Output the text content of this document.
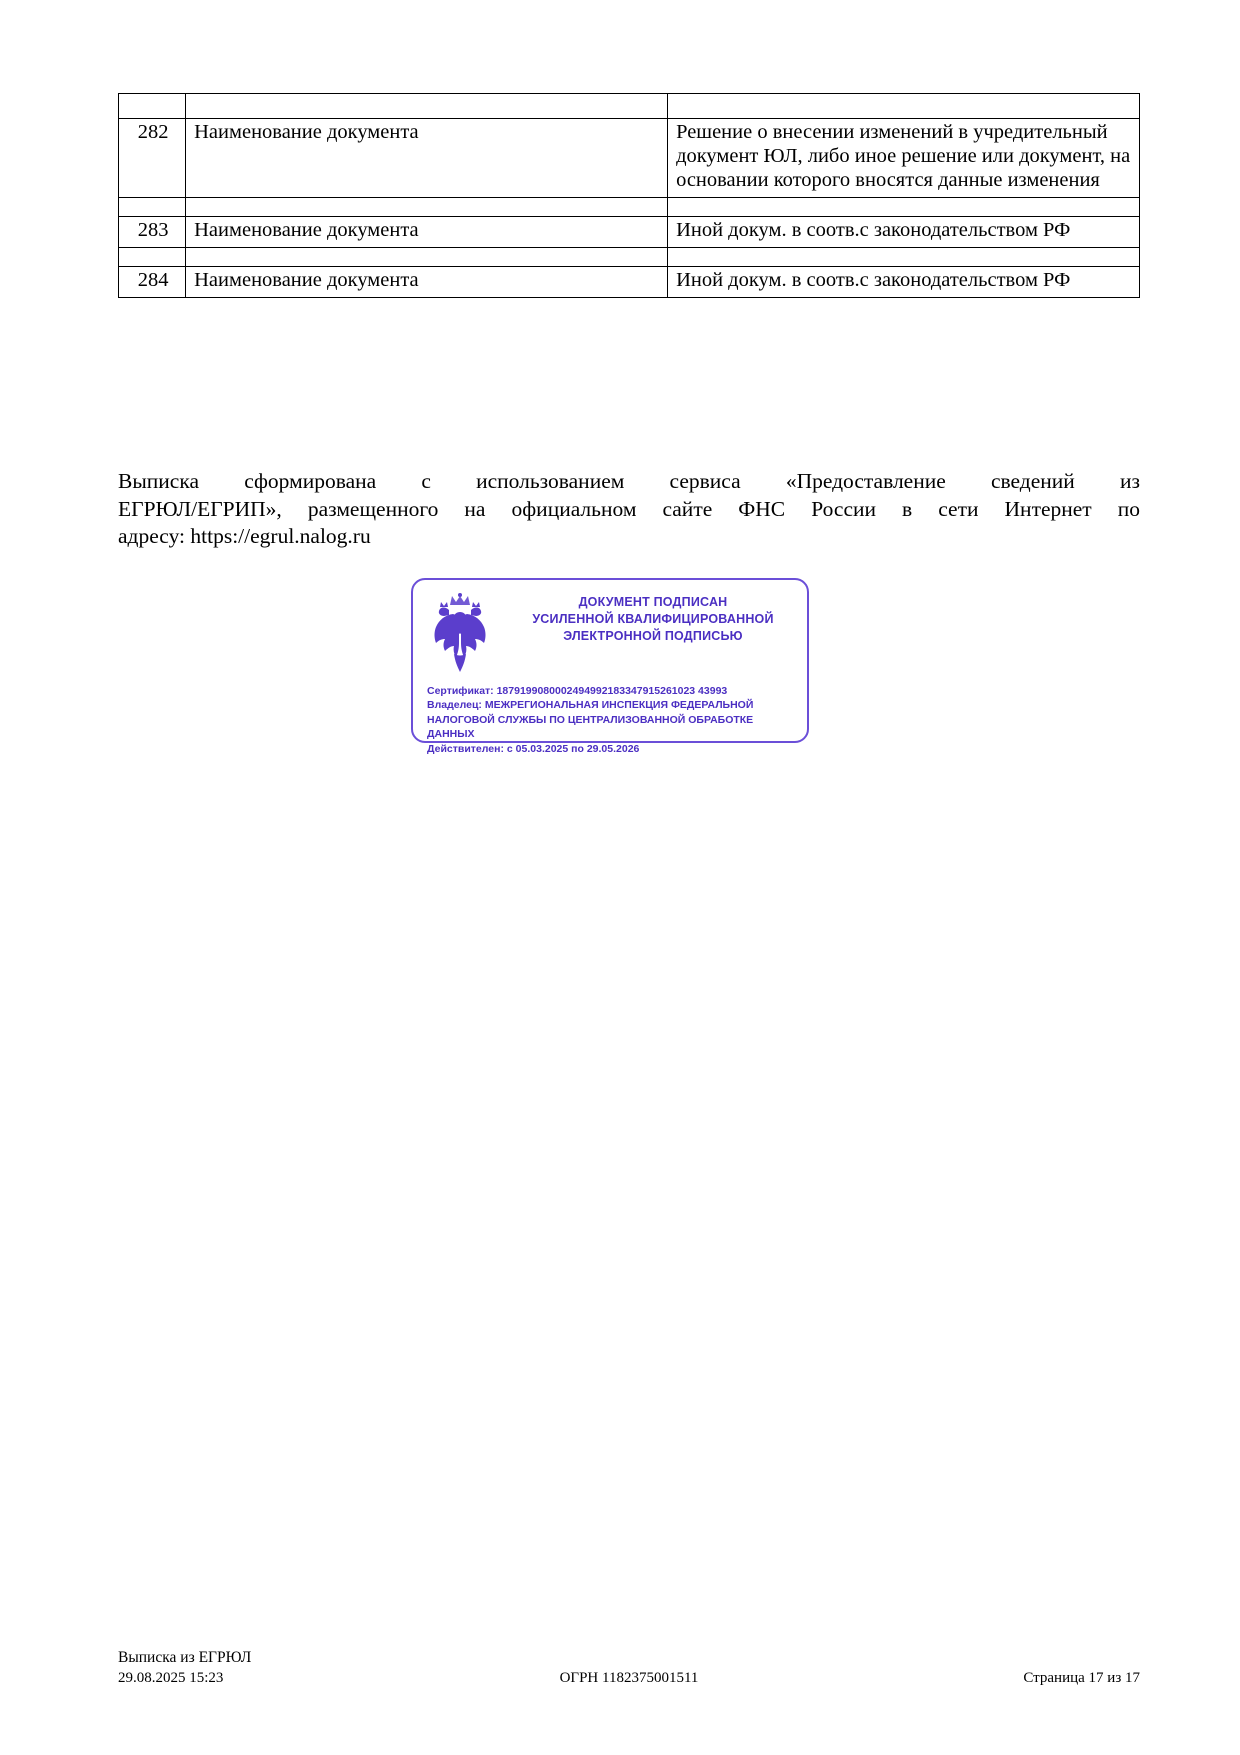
282	Наименование документа	Решение о внесении изменений в учредительный документ ЮЛ, либо иное решение или документ, на основании которого вносятся данные изменения

283	Наименование документа	Иной докум. в соотв.с законодательством РФ

284	Наименование документа	Иной докум. в соотв.с законодательством РФ
Выписка сформирована с использованием сервиса «Предоставление сведений из
ЕГРЮЛ/ЕГРИП», размещенного на официальном сайте ФНС России в сети Интернет по
адресу: https://egrul.nalog.ru
ДОКУМЕНТ ПОДПИСАН
УСИЛЕННОЙ КВАЛИФИЦИРОВАННОЙ
ЭЛЕКТРОННОЙ ПОДПИСЬЮ
Сертификат: 1879199080002494992183347915261023 43993
Владелец: МЕЖРЕГИОНАЛЬНАЯ ИНСПЕКЦИЯ ФЕДЕРАЛЬНОЙ НАЛОГОВОЙ СЛУЖБЫ ПО ЦЕНТРАЛИЗОВАННОЙ ОБРАБОТКЕ ДАННЫХ
Действителен: с 05.03.2025 по 29.05.2026
Выписка из ЕГРЮЛ
29.08.2025 15:23	ОГРН 1182375001511	Страница 17 из 17
